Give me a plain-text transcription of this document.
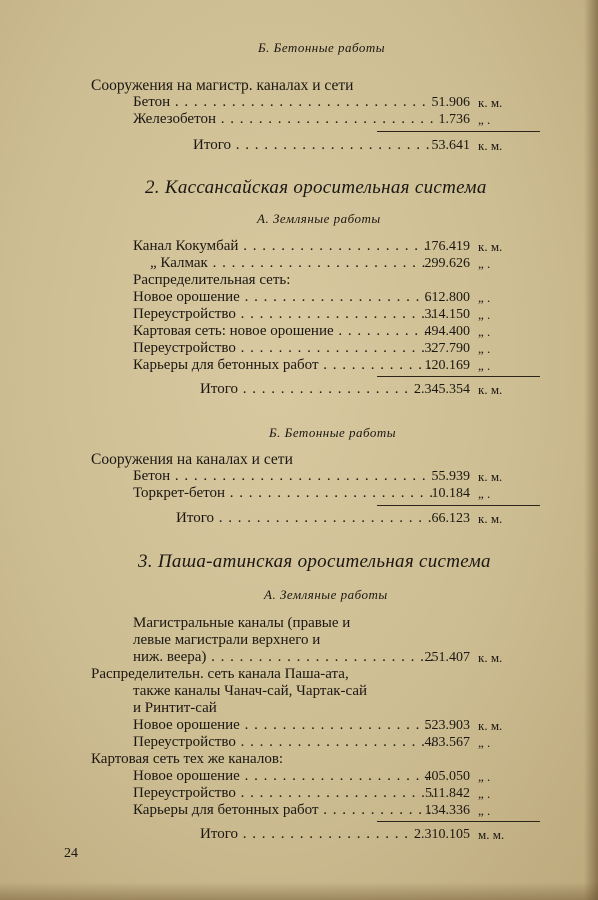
Б. Бетонные работы
Сооружения на магистр. каналах и сети
Бетон . . .	51.906 к. м.
Железобетон . . .	1.736 „ .
Итого . . .	53.641 к. м.
2. Кассансайская оросительная система
А. Земляные работы
Канал Кокумбай . . .	176.419 к. м.
„ Калмак . . .	299.626 „ .
Распределительная сеть:
Новое орошение . . .	612.800 „ .
Переустройство . . .	314.150 „ .
Картовая сеть: новое орошение . . .	494.400 „ .
Переустройство . . .	327.790 „ .
Карьеры для бетонных работ . . .	120.169 „ .
Итого . . .	2.345.354 к. м.
Б. Бетонные работы
Сооружения на каналах и сети
Бетон . . .	55.939 к. м.
Торкрет-бетон . . .	10.184 „ .
Итого . . .	66.123 к. м.
3. Паша-атинская оросительная система
А. Земляные работы
Магистральные каналы (правые и
левые магистрали верхнего и
ниж. веера) . . .	251.407 к. м.
Распределительн. сеть канала Паша-ата,
также каналы Чанач-сай, Чартак-сай
и Ринтит-сай
Новое орошение . . .	523.903 к. м.
Переустройство . . .	483.567 „ .
Картовая сеть тех же каналов:
Новое орошение . . .	405.050 „ .
Переустройство . . .	511.842 „ .
Карьеры для бетонных работ . . .	134.336 „ .
Итого . . .	2.310.105 м. м.
24
